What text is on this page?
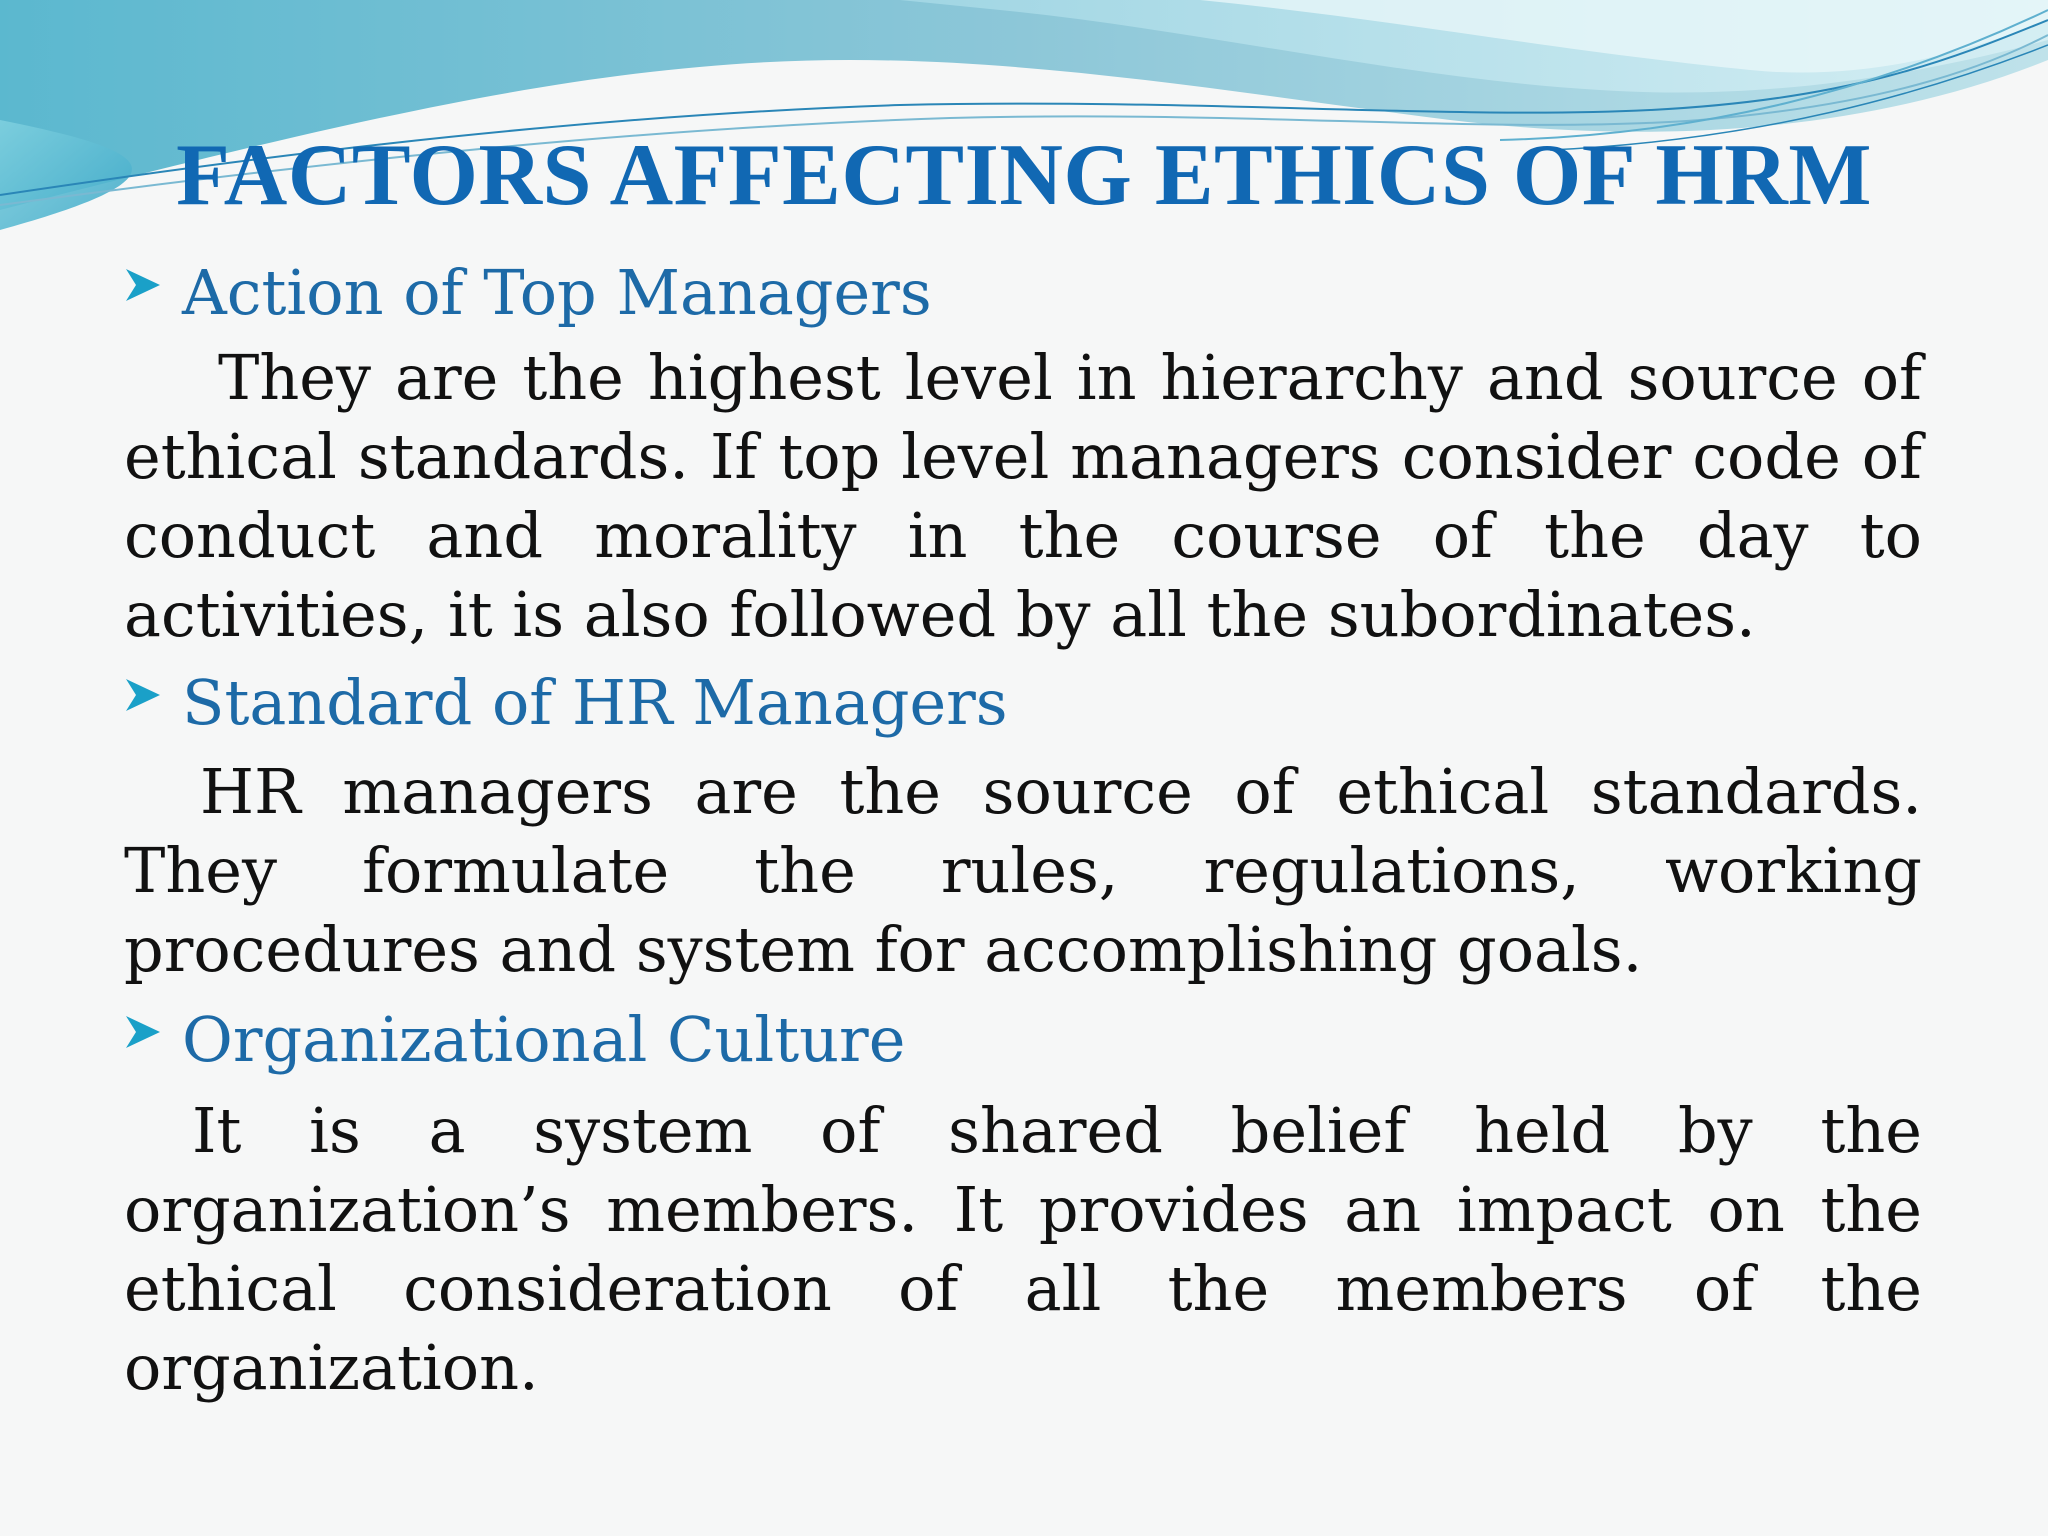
FACTORS AFFECTING ETHICS OF HRM
Action of Top Managers

They are the highest level in hierarchy and source of ethical standards. If top level managers consider code of conduct and morality in the course of the day to activities, it is also followed by all the subordinates.

Standard of HR Managers

HR managers are the source of ethical standards. They formulate the rules, regulations, working procedures and system for accomplishing goals.

Organizational Culture

It is a system of shared belief held by the organization’s members. It provides an impact on the ethical consideration of all the members of the organization.
